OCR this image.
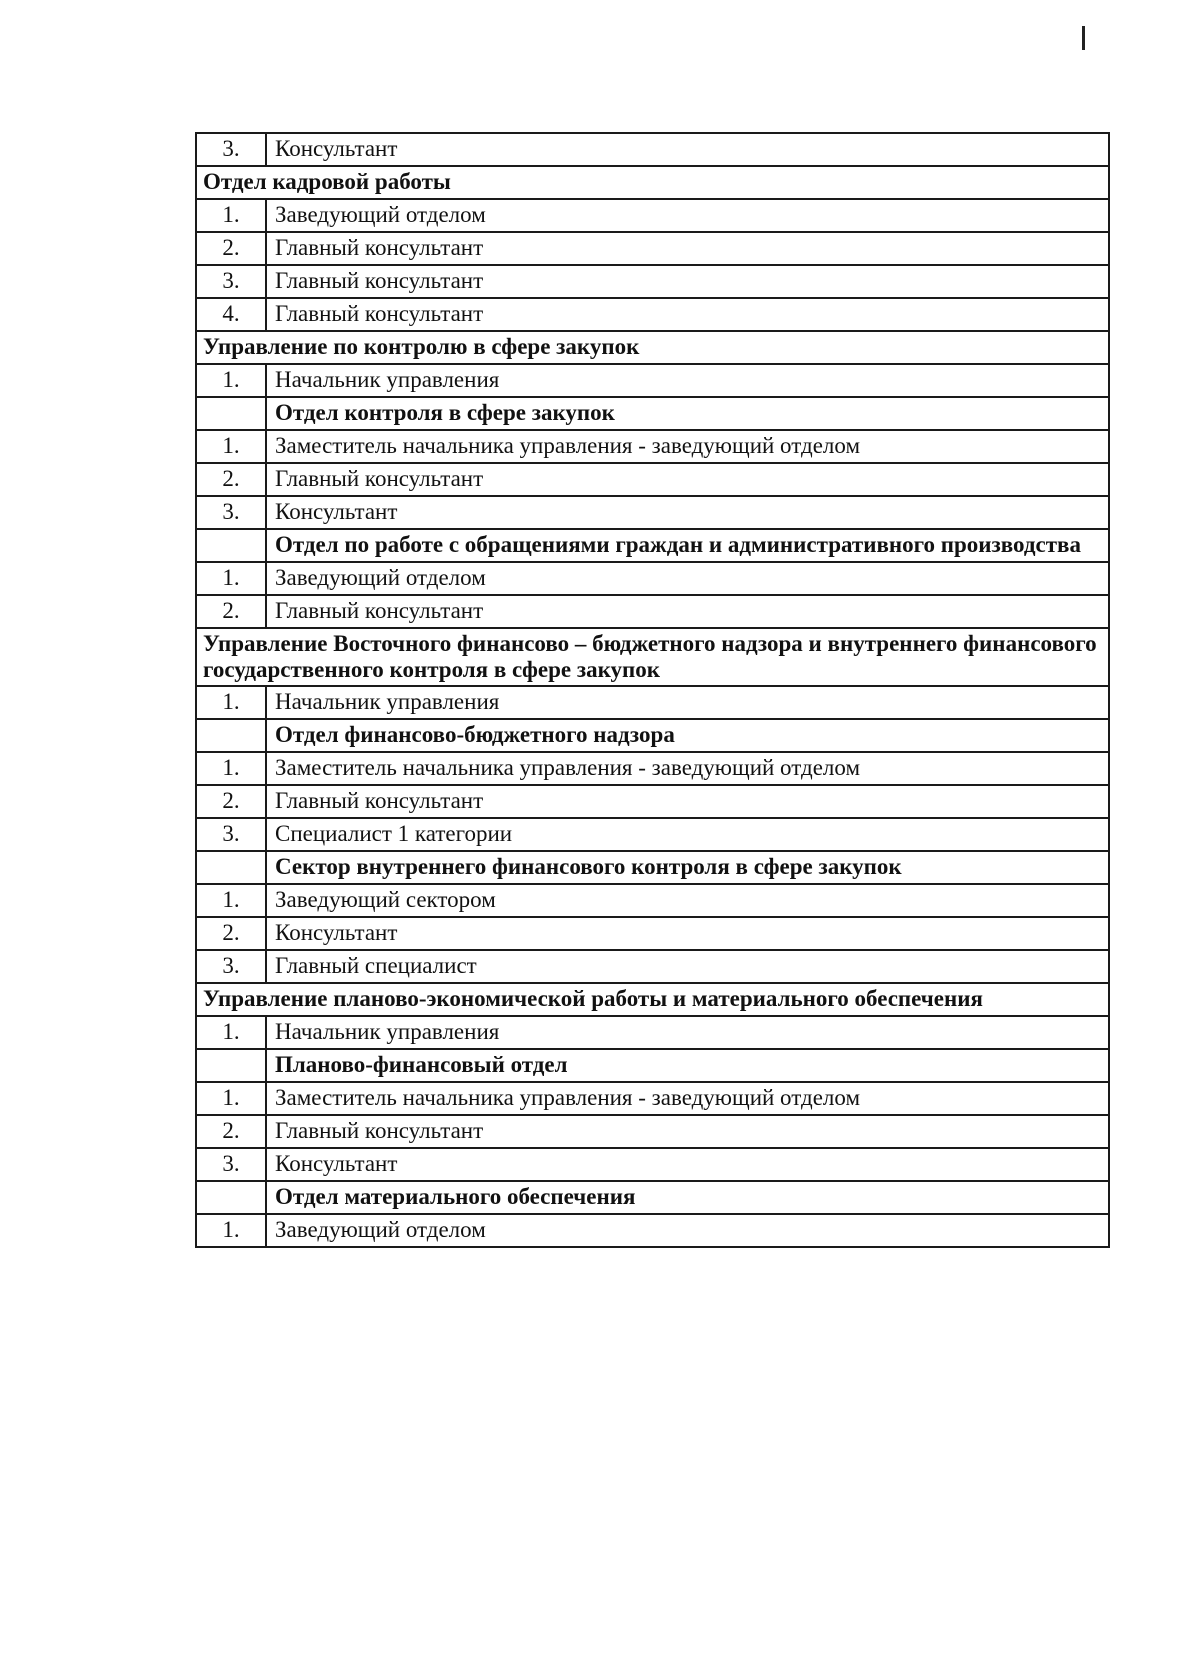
3.	Консультант
Отдел кадровой работы	
1.	Заведующий отделом
2.	Главный консультант
3.	Главный консультант
4.	Главный консультант
Управление по контролю в сфере закупок	
1.	Начальник управления
	Отдел контроля в сфере закупок
1.	Заместитель начальника управления - заведующий отделом
2.	Главный консультант
3.	Консультант
	Отдел по работе с обращениями граждан и административного производства
1.	Заведующий отделом
2.	Главный консультант
Управление Восточного финансово – бюджетного надзора и внутреннего финансового государственного контроля в сфере закупок	
1.	Начальник управления
	Отдел финансово-бюджетного надзора
1.	Заместитель начальника управления - заведующий отделом
2.	Главный консультант
3.	Специалист 1 категории
	Сектор внутреннего финансового контроля в сфере закупок
1.	Заведующий сектором
2.	Консультант
3.	Главный специалист
Управление планово-экономической работы и материального обеспечения	
1.	Начальник управления
	Планово-финансовый отдел
1.	Заместитель начальника управления - заведующий отделом
2.	Главный консультант
3.	Консультант
	Отдел материального обеспечения
1.	Заведующий отделом
